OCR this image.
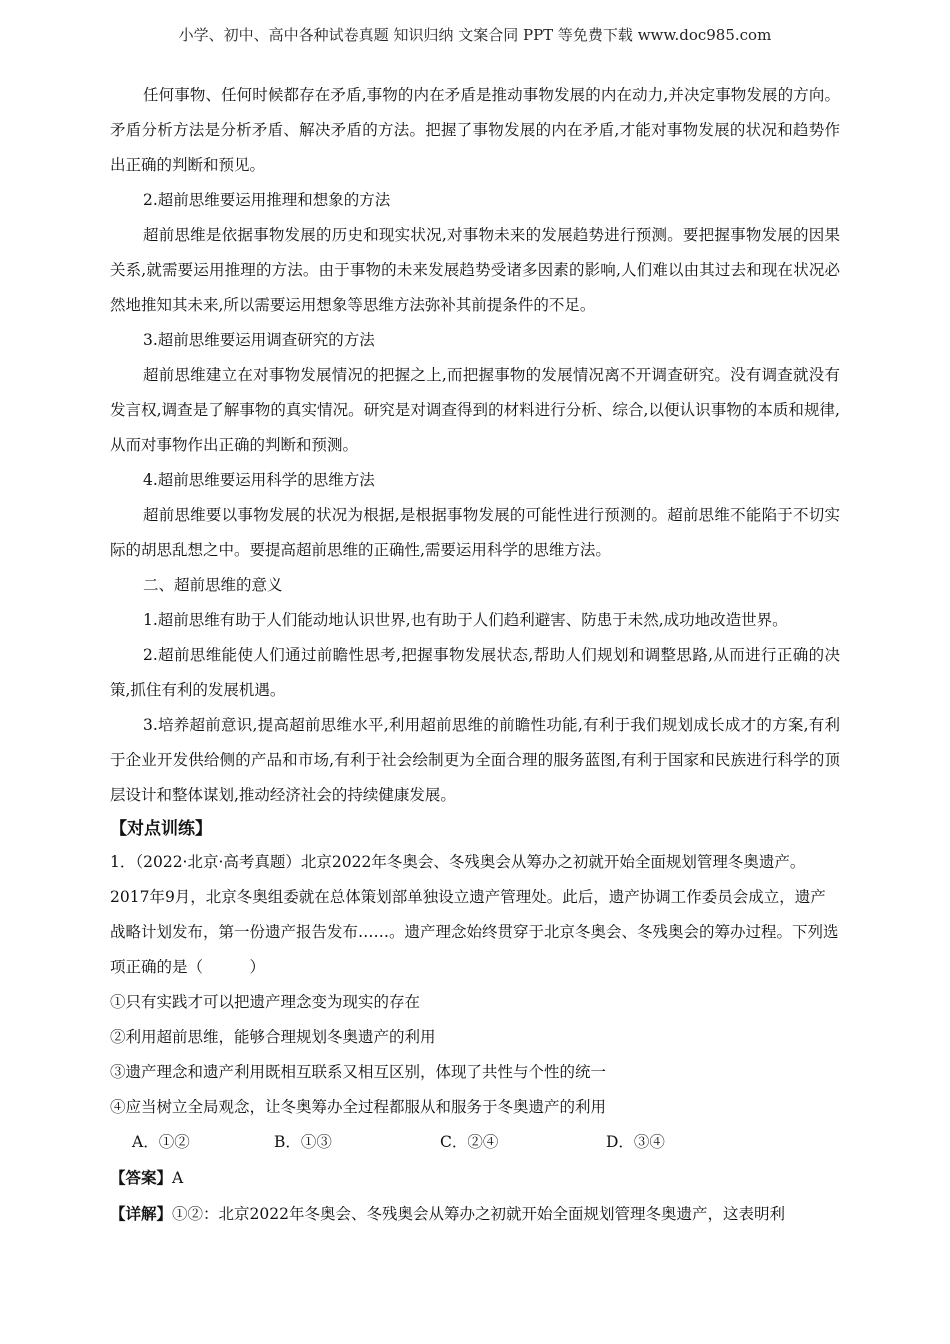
小学、初中、高中各种试卷真题 知识归纳 文案合同 PPT 等免费下载 www.doc985.com

任何事物、任何时候都存在矛盾,事物的内在矛盾是推动事物发展的内在动力,并决定事物发展的方向。矛盾分析方法是分析矛盾、解决矛盾的方法。把握了事物发展的内在矛盾,才能对事物发展的状况和趋势作出正确的判断和预见。

2.超前思维要运用推理和想象的方法

超前思维是依据事物发展的历史和现实状况,对事物未来的发展趋势进行预测。要把握事物发展的因果关系,就需要运用推理的方法。由于事物的未来发展趋势受诸多因素的影响,人们难以由其过去和现在状况必然地推知其未来,所以需要运用想象等思维方法弥补其前提条件的不足。

3.超前思维要运用调查研究的方法

超前思维建立在对事物发展情况的把握之上,而把握事物的发展情况离不开调查研究。没有调查就没有发言权,调查是了解事物的真实情况。研究是对调查得到的材料进行分析、综合,以便认识事物的本质和规律,从而对事物作出正确的判断和预测。

4.超前思维要运用科学的思维方法

超前思维要以事物发展的状况为根据,是根据事物发展的可能性进行预测的。超前思维不能陷于不切实际的胡思乱想之中。要提高超前思维的正确性,需要运用科学的思维方法。

二、超前思维的意义

1.超前思维有助于人们能动地认识世界,也有助于人们趋利避害、防患于未然,成功地改造世界。

2.超前思维能使人们通过前瞻性思考,把握事物发展状态,帮助人们规划和调整思路,从而进行正确的决策,抓住有利的发展机遇。

3.培养超前意识,提高超前思维水平,利用超前思维的前瞻性功能,有利于我们规划成长成才的方案,有利于企业开发供给侧的产品和市场,有利于社会绘制更为全面合理的服务蓝图,有利于国家和民族进行科学的顶层设计和整体谋划,推动经济社会的持续健康发展。

【对点训练】

1．（2022·北京·高考真题）北京2022年冬奥会、冬残奥会从筹办之初就开始全面规划管理冬奥遗产。2017年9月，北京冬奥组委就在总体策划部单独设立遗产管理处。此后，遗产协调工作委员会成立，遗产战略计划发布，第一份遗产报告发布……。遗产理念始终贯穿于北京冬奥会、冬残奥会的筹办过程。下列选项正确的是（　　　）

①只有实践才可以把遗产理念变为现实的存在

②利用超前思维，能够合理规划冬奥遗产的利用

③遗产理念和遗产利用既相互联系又相互区别，体现了共性与个性的统一

④应当树立全局观念，让冬奥筹办全过程都服从和服务于冬奥遗产的利用

A．①②	B．①③	C．②④	D．③④

【答案】A

【详解】①②：北京2022年冬奥会、冬残奥会从筹办之初就开始全面规划管理冬奥遗产，这表明利
